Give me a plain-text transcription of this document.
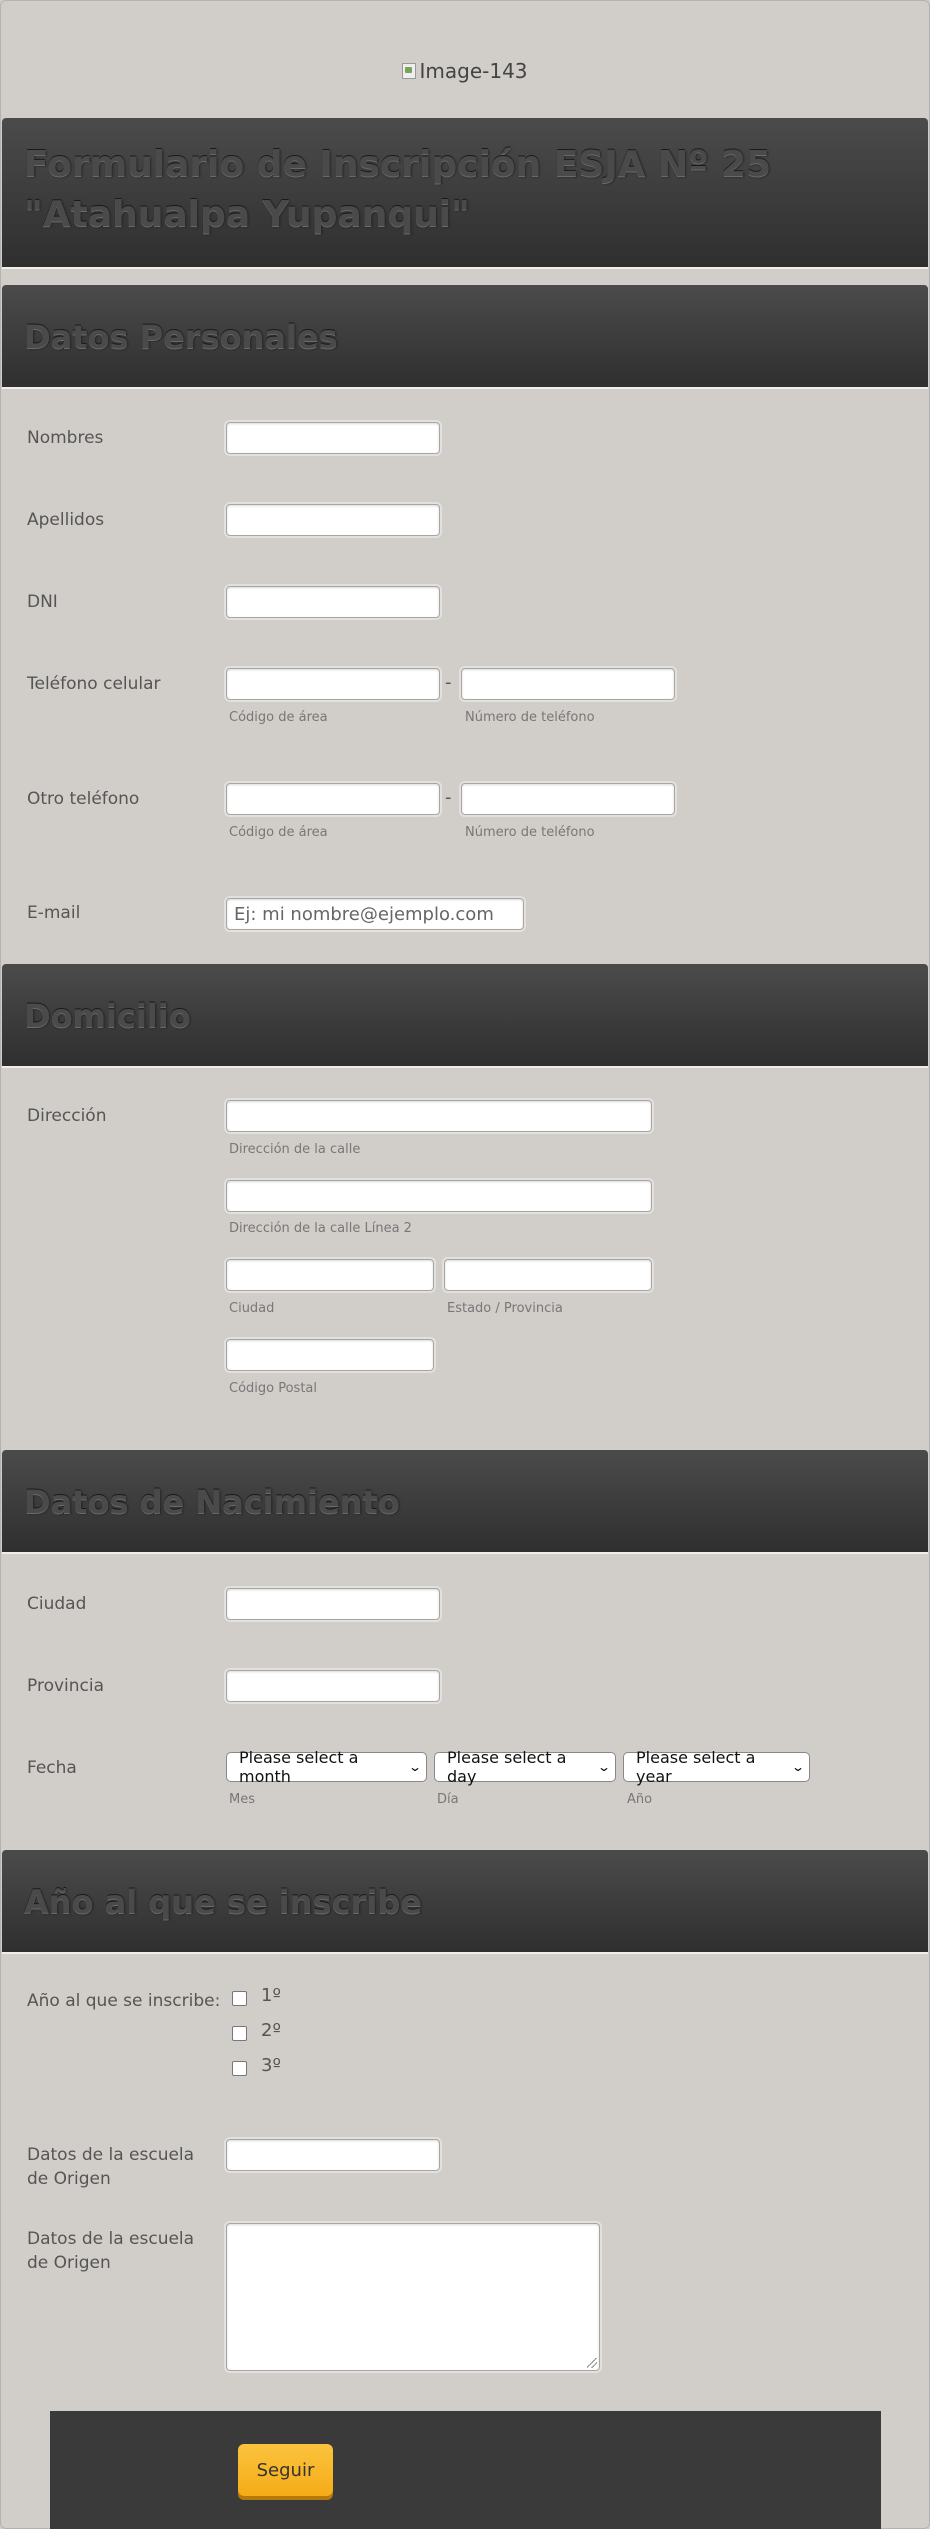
Image-143
Formulario de Inscripción ESJA Nº 25 "Atahualpa Yupanqui"
Datos Personales
Nombres
Apellidos
DNI
Teléfono celular	-
Código de área	Número de teléfono
Otro teléfono	-
Código de área	Número de teléfono
E-mail
Ej: mi nombre@ejemplo.com
Domicilio
Dirección
Dirección de la calle
Dirección de la calle Línea 2
Ciudad	Estado / Provincia
Código Postal
Datos de Nacimiento
Ciudad
Provincia
Fecha
Please select a month	⌄ Please select a day	⌄ Please select a year	⌄
Mes	Día	Año
Año al que se inscribe
Año al que se inscribe: 1º
2º
3º
Datos de la escuela de Origen
Datos de la escuela de Origen
Seguir
